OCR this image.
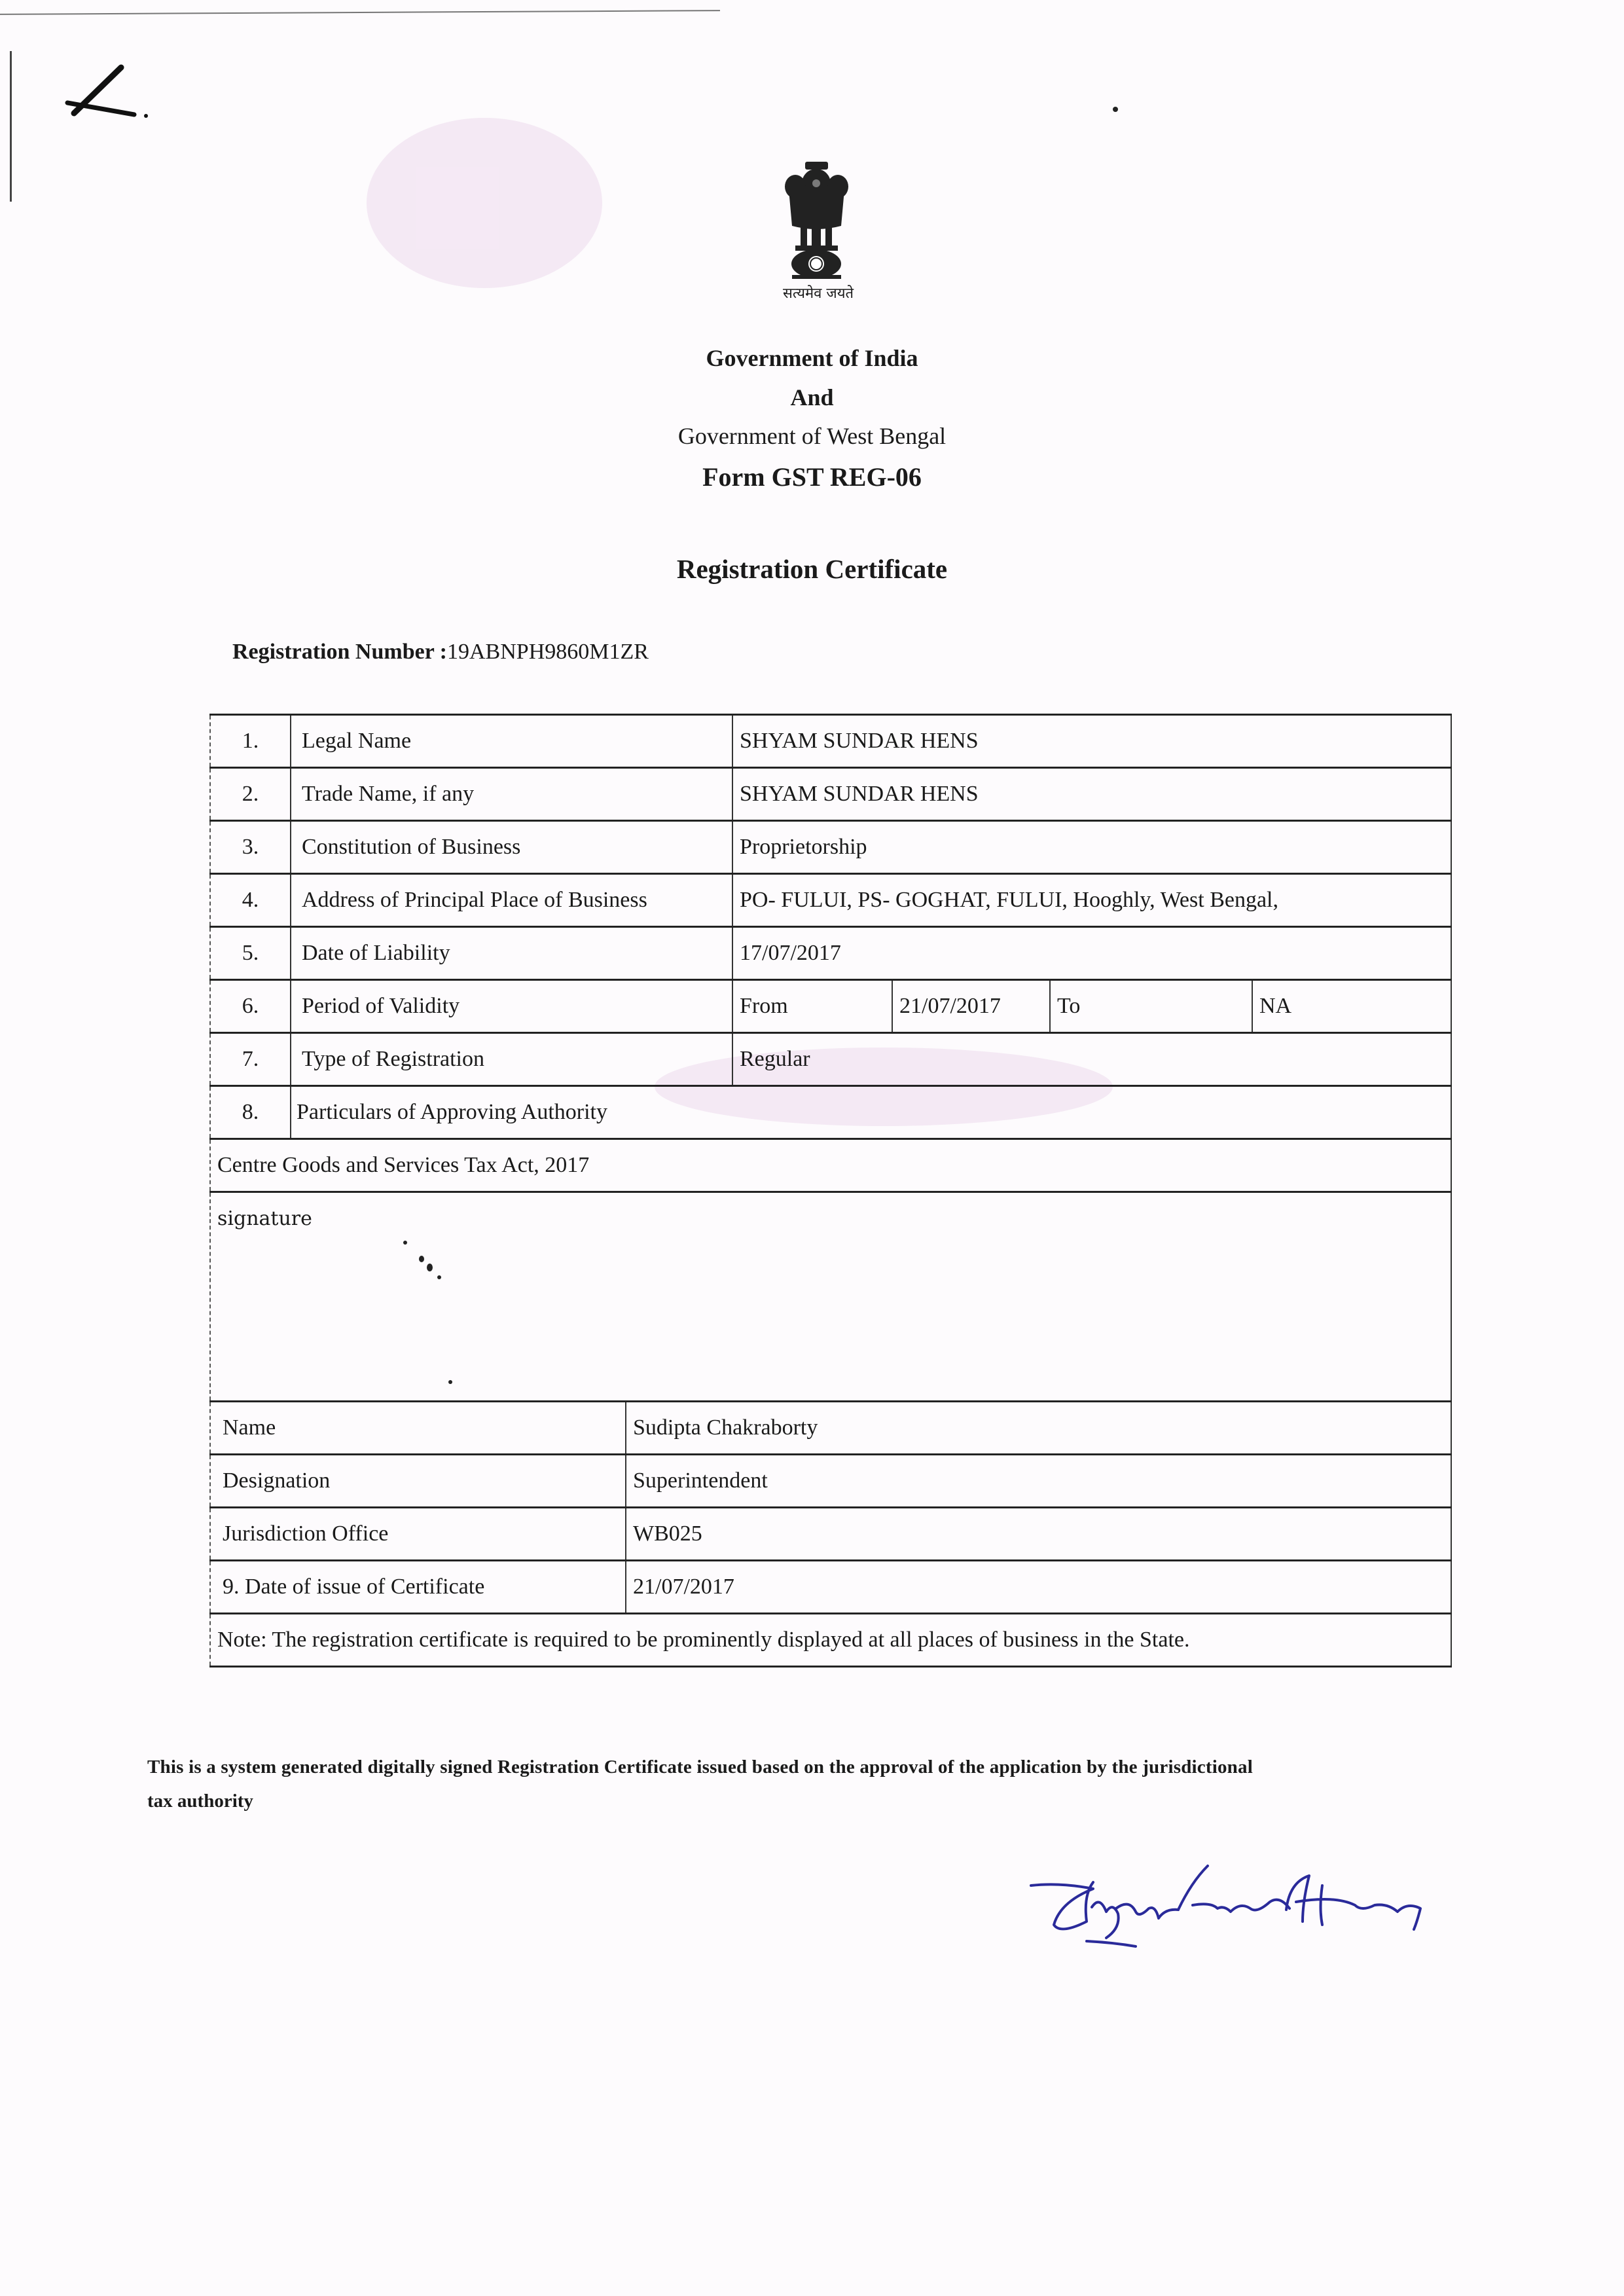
सत्यमेव जयते
Government of India
And
Government of West Bengal
Form GST REG-06
Registration Certificate
Registration Number :19ABNPH9860M1ZR
1.	Legal Name	SHYAM SUNDAR HENS
2.	Trade Name, if any	SHYAM SUNDAR HENS
3.	Constitution of Business	Proprietorship
4.	Address of Principal Place of Business	PO- FULUI, PS- GOGHAT, FULUI, Hooghly, West Bengal,
5.	Date of Liability	17/07/2017
6.	Period of Validity	From	21/07/2017	To	NA
7.	Type of Registration	Regular
8.	Particulars of Approving Authority
Centre Goods and Services Tax Act, 2017
signature
Name	Sudipta Chakraborty
Designation	Superintendent
Jurisdiction Office	WB025
9. Date of issue of Certificate	21/07/2017
Note: The registration certificate is required to be prominently displayed at all places of business in the State.
This is a system generated digitally signed Registration Certificate issued based on the approval of the application by the jurisdictional
tax authority
